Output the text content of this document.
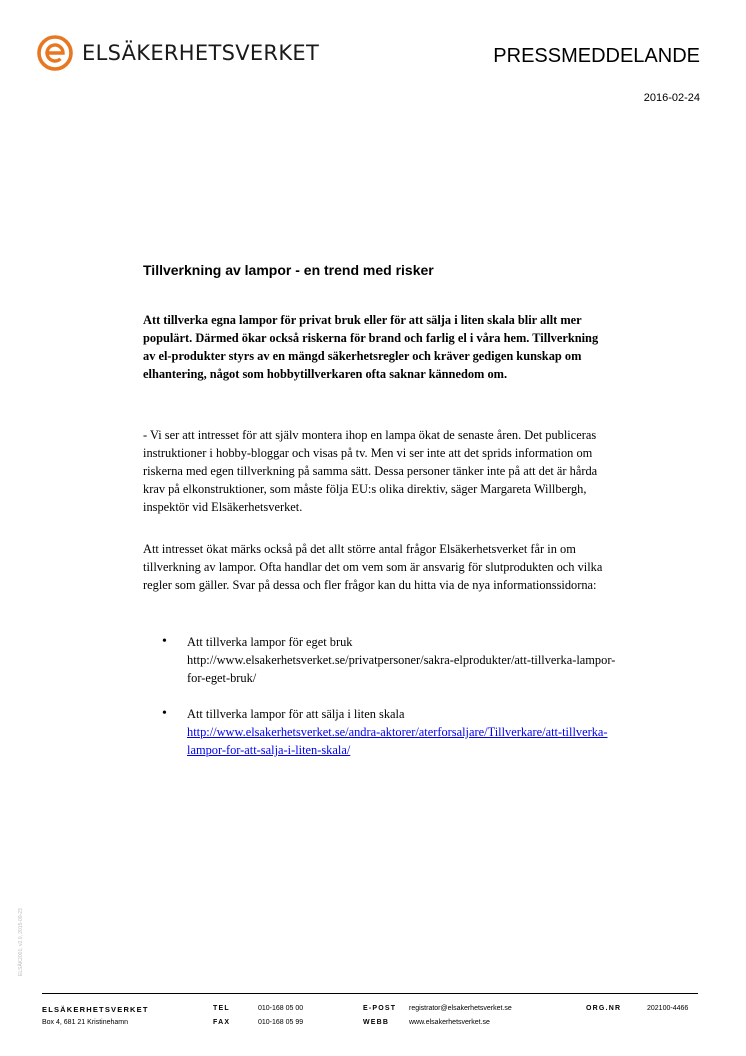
ELSÄKERHETSVERKET	PRESSMEDDELANDE
2016-02-24
Tillverkning av lampor - en trend med risker
Att tillverka egna lampor för privat bruk eller för att sälja i liten skala blir allt mer populärt. Därmed ökar också riskerna för brand och farlig el i våra hem. Tillverkning av el-produkter styrs av en mängd säkerhetsregler och kräver gedigen kunskap om elhantering, något som hobbytillverkaren ofta saknar kännedom om.
- Vi ser att intresset för att själv montera ihop en lampa ökat de senaste åren. Det publiceras instruktioner i hobby-bloggar och visas på tv. Men vi ser inte att det sprids information om riskerna med egen tillverkning på samma sätt. Dessa personer tänker inte på att det är hårda krav på elkonstruktioner, som måste följa EU:s olika direktiv, säger Margareta Willbergh, inspektör vid Elsäkerhetsverket.
Att intresset ökat märks också på det allt större antal frågor Elsäkerhetsverket får in om tillverkning av lampor. Ofta handlar det om vem som är ansvarig för slutprodukten och vilka regler som gäller. Svar på dessa och fler frågor kan du hitta via de nya informationssidorna:
• Att tillverka lampor för eget bruk
http://www.elsakerhetsverket.se/privatpersoner/sakra-elprodukter/att-tillverka-lampor-for-eget-bruk/
• Att tillverka lampor för att sälja i liten skala
http://www.elsakerhetsverket.se/andra-aktorer/aterforsaljare/Tillverkare/att-tillverka-lampor-for-att-salja-i-liten-skala/
ELSÄK2001, v2.0, 2015-09-23
ELSÄKERHETSVERKET
Box 4, 681 21 Kristinehamn
TEL	010-168 05 00
FAX	010-168 05 99
E-POST registrator@elsakerhetsverket.se
WEBB	www.elsakerhetsverket.se
ORG.NR	202100-4466
